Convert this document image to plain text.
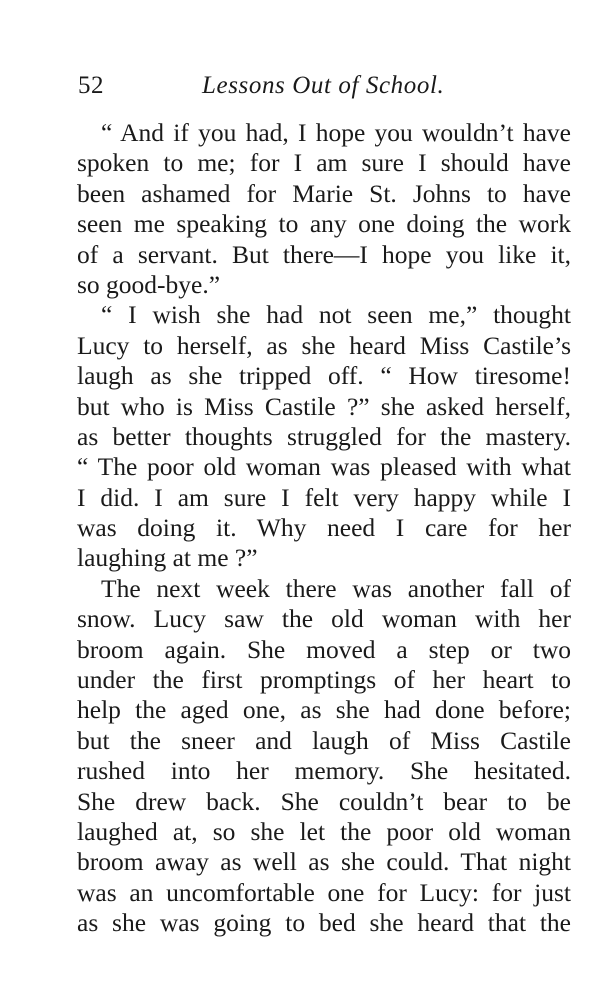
52	Lessons Out of School.
“ And if you had, I hope you wouldn’t have
spoken to me; for I am sure I should have
been ashamed for Marie St. Johns to have
seen me speaking to any one doing the work
of a servant. But there—I hope you like it,
so good-bye.”
“ I wish she had not seen me,” thought
Lucy to herself, as she heard Miss Castile’s
laugh as she tripped off. “ How tiresome!
but who is Miss Castile ?” she asked herself,
as better thoughts struggled for the mastery.
“ The poor old woman was pleased with what
I did. I am sure I felt very happy while I
was doing it. Why need I care for her
laughing at me ?”
The next week there was another fall of
snow. Lucy saw the old woman with her
broom again. She moved a step or two
under the first promptings of her heart to
help the aged one, as she had done before;
but the sneer and laugh of Miss Castile
rushed into her memory. She hesitated.
She drew back. She couldn’t bear to be
laughed at, so she let the poor old woman
broom away as well as she could. That night
was an uncomfortable one for Lucy: for just
as she was going to bed she heard that the
